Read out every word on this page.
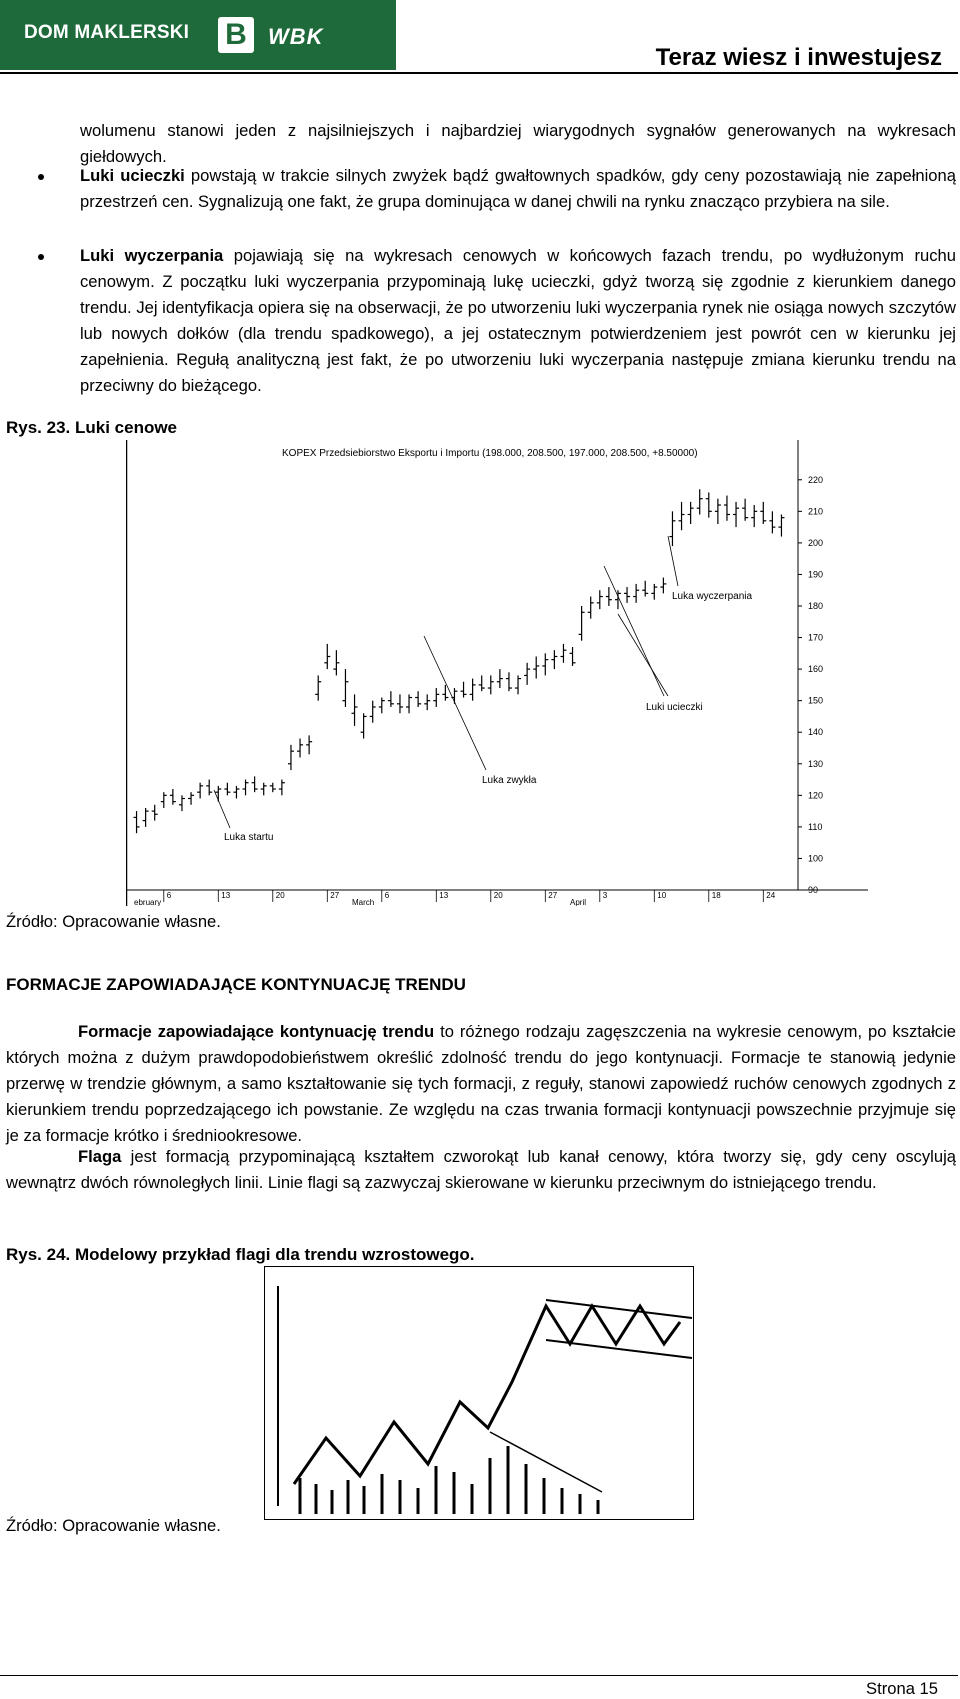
DOM MAKLERSKI B WBK
Teraz wiesz i inwestujesz
wolumenu stanowi jeden z najsilniejszych i najbardziej wiarygodnych sygnałów generowanych na wykresach giełdowych.
Luki ucieczki powstają w trakcie silnych zwyżek bądź gwałtownych spadków, gdy ceny pozostawiają nie zapełnioną przestrzeń cen. Sygnalizują one fakt, że grupa dominująca w danej chwili na rynku znacząco przybiera na sile.
Luki wyczerpania pojawiają się na wykresach cenowych w końcowych fazach trendu, po wydłużonym ruchu cenowym. Z początku luki wyczerpania przypominają lukę ucieczki, gdyż tworzą się zgodnie z kierunkiem danego trendu. Jej identyfikacja opiera się na obserwacji, że po utworzeniu luki wyczerpania rynek nie osiąga nowych szczytów lub nowych dołków (dla trendu spadkowego), a jej ostatecznym potwierdzeniem jest powrót cen w kierunku jej zapełnienia. Regułą analityczną jest fakt, że po utworzeniu luki wyczerpania następuje zmiana kierunku trendu na przeciwny do bieżącego.
Rys. 23. Luki cenowe
KOPEX Przedsiebiorstwo Eksportu i Importu (198.000, 208.500, 197.000, 208.500, +8.50000)
220
210
200
190
180
170
160
150
140
130
120
110
100
90
6	13	20	27	6	13	20	27	3	10	18	24
ebruary	March	April
Luka startu
Luka zwykła
Luki ucieczki
Luka wyczerpania
Źródło: Opracowanie własne.
FORMACJE ZAPOWIADAJĄCE KONTYNUACJĘ TRENDU
Formacje zapowiadające kontynuację trendu to różnego rodzaju zagęszczenia na wykresie cenowym, po kształcie których można z dużym prawdopodobieństwem określić zdolność trendu do jego kontynuacji. Formacje te stanowią jedynie przerwę w trendzie głównym, a samo kształtowanie się tych formacji, z reguły, stanowi zapowiedź ruchów cenowych zgodnych z kierunkiem trendu poprzedzającego ich powstanie. Ze względu na czas trwania formacji kontynuacji powszechnie przyjmuje się je za formacje krótko i średniookresowe.
Flaga jest formacją przypominającą kształtem czworokąt lub kanał cenowy, która tworzy się, gdy ceny oscylują wewnątrz dwóch równoległych linii. Linie flagi są zazwyczaj skierowane w kierunku przeciwnym do istniejącego trendu.
Rys. 24. Modelowy przykład flagi dla trendu wzrostowego.
Źródło: Opracowanie własne.
Strona 15
